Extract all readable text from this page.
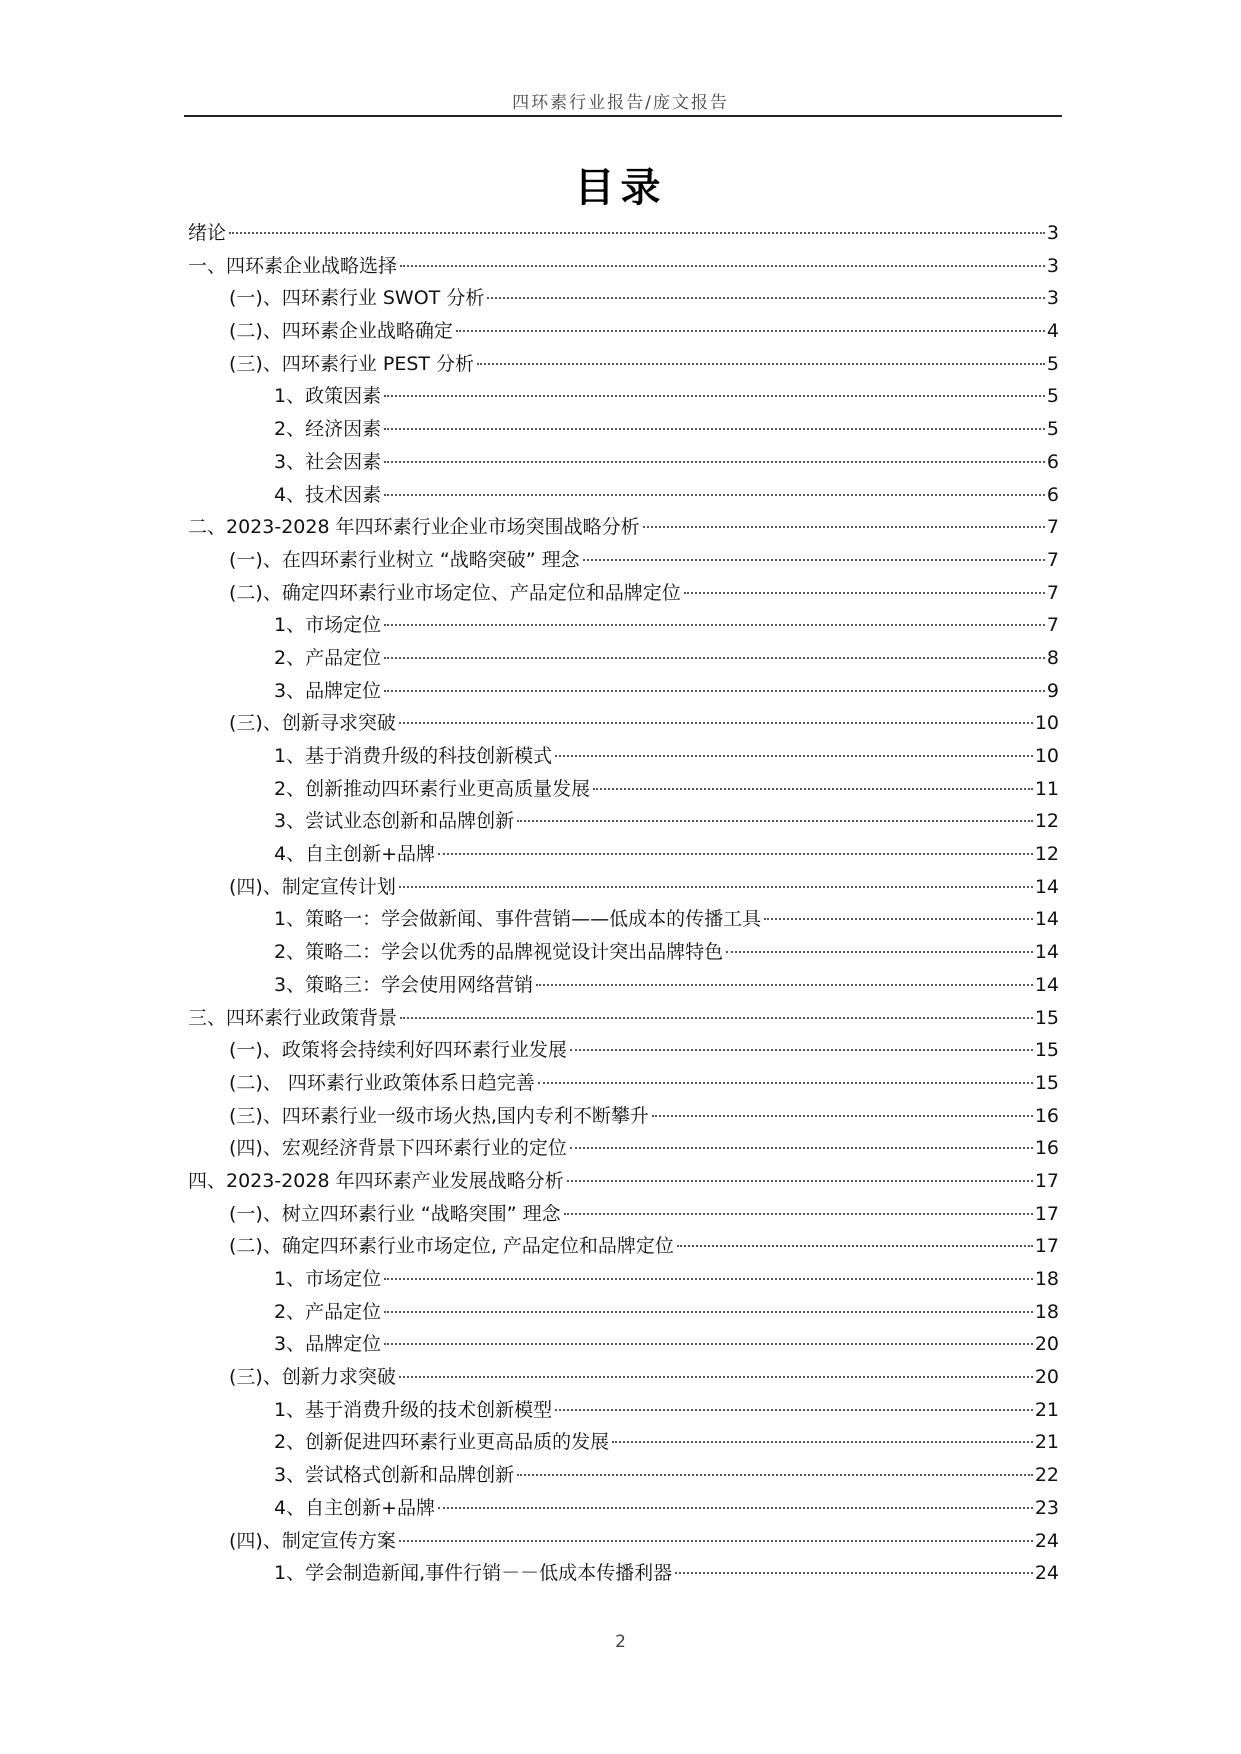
四环素行业报告/庞文报告
目录
绪论	3
一、四环素企业战略选择	3
(一)、四环素行业 SWOT 分析	3
(二)、四环素企业战略确定	4
(三)、四环素行业 PEST 分析	5
1、政策因素	5
2、经济因素	5
3、社会因素	6
4、技术因素	6
二、2023-2028 年四环素行业企业市场突围战略分析	7
(一)、在四环素行业树立 “战略突破” 理念	7
(二)、确定四环素行业市场定位、产品定位和品牌定位	7
1、市场定位	7
2、产品定位	8
3、品牌定位	9
(三)、创新寻求突破	10
1、基于消费升级的科技创新模式	10
2、创新推动四环素行业更高质量发展	11
3、尝试业态创新和品牌创新	12
4、自主创新+品牌	12
(四)、制定宣传计划	14
1、策略一：学会做新闻、事件营销——低成本的传播工具	14
2、策略二：学会以优秀的品牌视觉设计突出品牌特色	14
3、策略三：学会使用网络营销	14
三、四环素行业政策背景	15
(一)、政策将会持续利好四环素行业发展	15
(二)、 四环素行业政策体系日趋完善	15
(三)、四环素行业一级市场火热,国内专利不断攀升	16
(四)、宏观经济背景下四环素行业的定位	16
四、2023-2028 年四环素产业发展战略分析	17
(一)、树立四环素行业 “战略突围” 理念	17
(二)、确定四环素行业市场定位, 产品定位和品牌定位	17
1、市场定位	18
2、产品定位	18
3、品牌定位	20
(三)、创新力求突破	20
1、基于消费升级的技术创新模型	21
2、创新促进四环素行业更高品质的发展	21
3、尝试格式创新和品牌创新	22
4、自主创新+品牌	23
(四)、制定宣传方案	24
1、学会制造新闻,事件行销－－低成本传播利器	24
2
